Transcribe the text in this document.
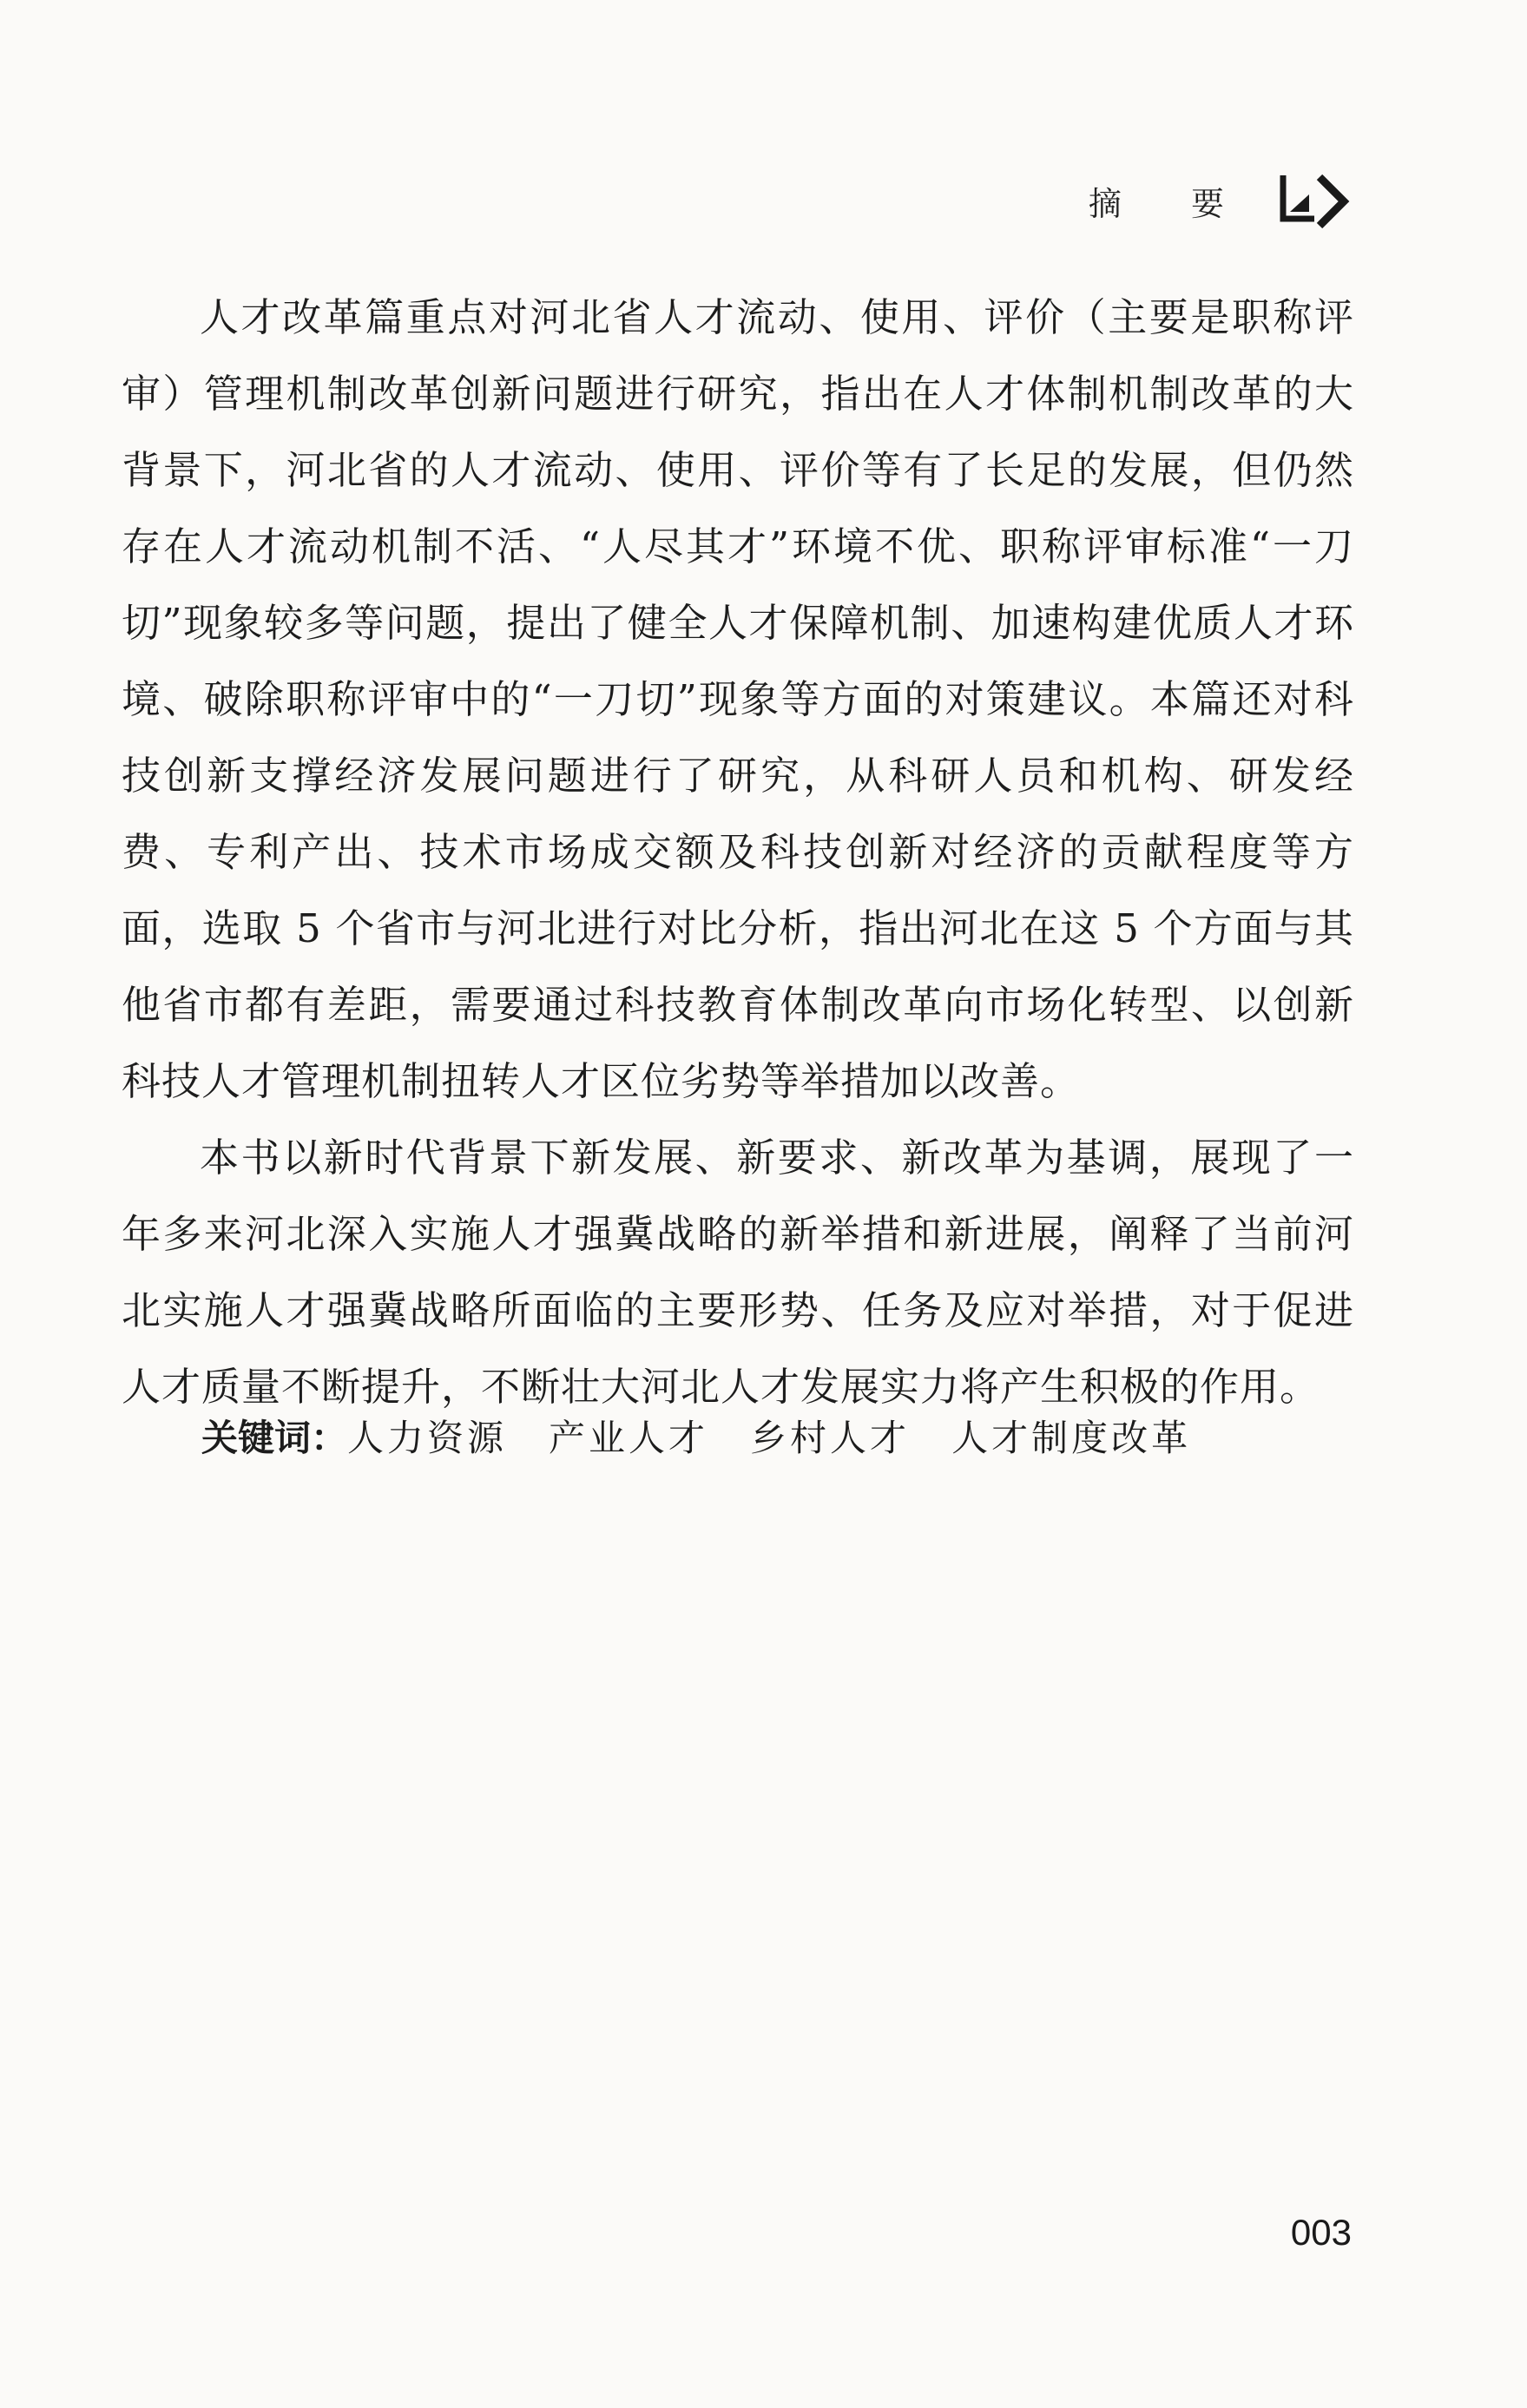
摘 要

人才改革篇重点对河北省人才流动、使用、评价（主要是职称评审）管理机制改革创新问题进行研究，指出在人才体制机制改革的大背景下，河北省的人才流动、使用、评价等有了长足的发展，但仍然存在人才流动机制不活、“人尽其才”环境不优、职称评审标准“一刀切”现象较多等问题，提出了健全人才保障机制、加速构建优质人才环境、破除职称评审中的“一刀切”现象等方面的对策建议。本篇还对科技创新支撑经济发展问题进行了研究，从科研人员和机构、研发经费、专利产出、技术市场成交额及科技创新对经济的贡献程度等方面，选取 5 个省市与河北进行对比分析，指出河北在这 5 个方面与其他省市都有差距，需要通过科技教育体制改革向市场化转型、以创新科技人才管理机制扭转人才区位劣势等举措加以改善。

本书以新时代背景下新发展、新要求、新改革为基调，展现了一年多来河北深入实施人才强冀战略的新举措和新进展，阐释了当前河北实施人才强冀战略所面临的主要形势、任务及应对举措，对于促进人才质量不断提升，不断壮大河北人才发展实力将产生积极的作用。

关键词： 人力资源 产业人才 乡村人才 人才制度改革
003
